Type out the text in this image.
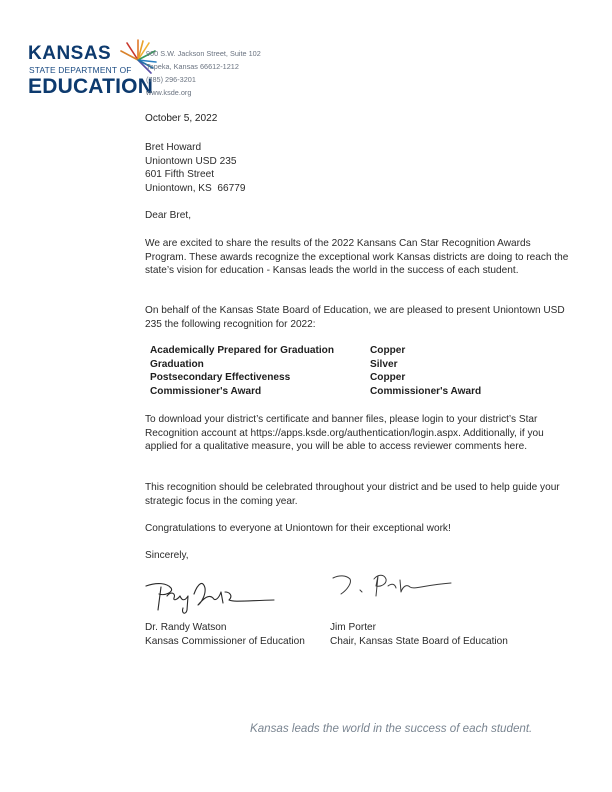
KANSAS
STATE DEPARTMENT OF
EDUCATION
900 S.W. Jackson Street, Suite 102
Topeka, Kansas 66612-1212
(785) 296-3201
www.ksde.org
October 5, 2022

Bret Howard

Uniontown USD 235

601 Fifth Street

Uniontown, KS  66779

Dear Bret,
We are excited to share the results of the 2022 Kansans Can Star Recognition Awards Program. These awards recognize the exceptional work Kansas districts are doing to reach the state’s vision for education - Kansas leads the world in the success of each student.
On behalf of the Kansas State Board of Education, we are pleased to present Uniontown USD 235 the following recognition for 2022:
Academically Prepared for Graduation	Copper
Graduation	Silver
Postsecondary Effectiveness	Copper
Commissioner's Award	Commissioner's Award
To download your district’s certificate and banner files, please login to your district’s Star Recognition account at https://apps.ksde.org/authentication/login.aspx. Additionally, if you applied for a qualitative measure, you will be able to access reviewer comments here.
This recognition should be celebrated throughout your district and be used to help guide your strategic focus in the coming year.
Congratulations to everyone at Uniontown for their exceptional work!
Sincerely,
Dr. Randy Watson
Kansas Commissioner of Education
Jim Porter
Chair, Kansas State Board of Education
Kansas leads the world in the success of each student.
